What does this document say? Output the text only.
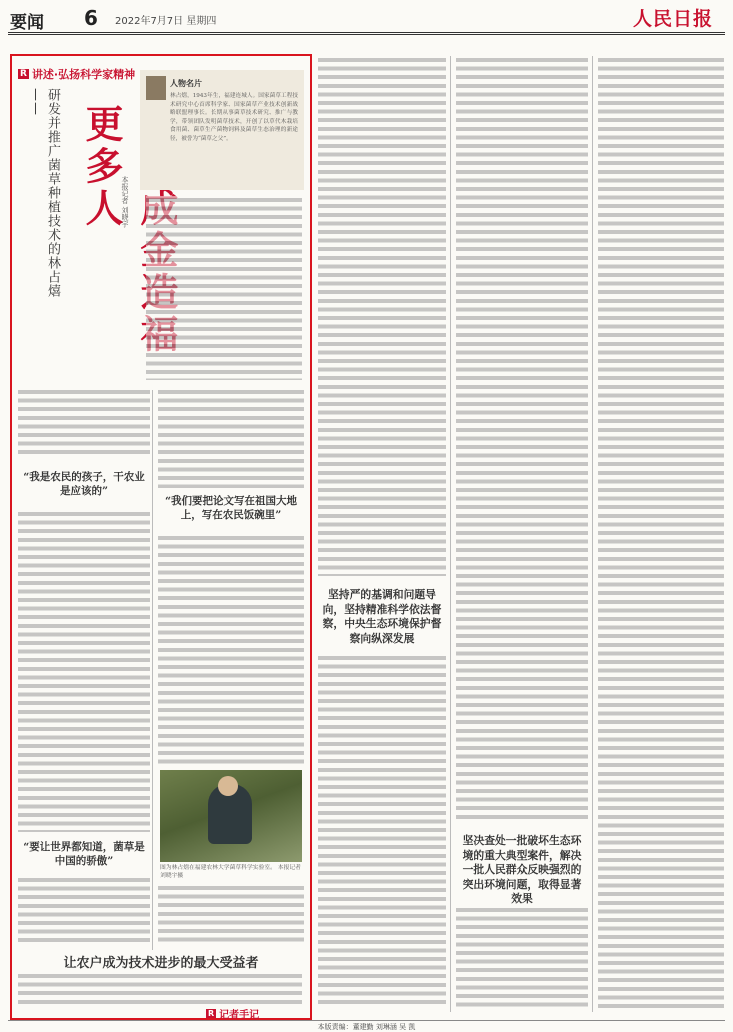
要闻 6 2022年7月7日 星期四	人民日报
R 讲述·弘扬科学家精神
研发并推广菌草种植技术的林占熺——
更多人
本报记者 刘晓宇
人物名片
林占熺，1943年生，福建连城人。国家菌草工程技术研究中心首席科学家、国家菌草产业技术创新战略联盟理事长。长期从事菌草技术研究、推广与教学，带领团队发明菌草技术，开创了以草代木栽培食用菌、菌草生产菌物饲料及菌草生态治理的新途径，被誉为“菌草之父”。
“我是农民的孩子，干农业是应该的”
“要让世界都知道，菌草是中国的骄傲”
“我们要把论文写在祖国大地上，写在农民饭碗里”
图为林占熺在福建农林大学菌草科学实验室。 本报记者 刘晓宇摄
让农户成为技术进步的最大受益者
R 记者手记
坚持严的基调和问题导向，坚持精准科学依法督察，中央生态环境保护督察向纵深发展
坚决查处一批破坏生态环境的重大典型案件，解决一批人民群众反映强烈的突出环境问题，取得显著效果
本版责编：董建勤 刘琳涵 吴 凯
